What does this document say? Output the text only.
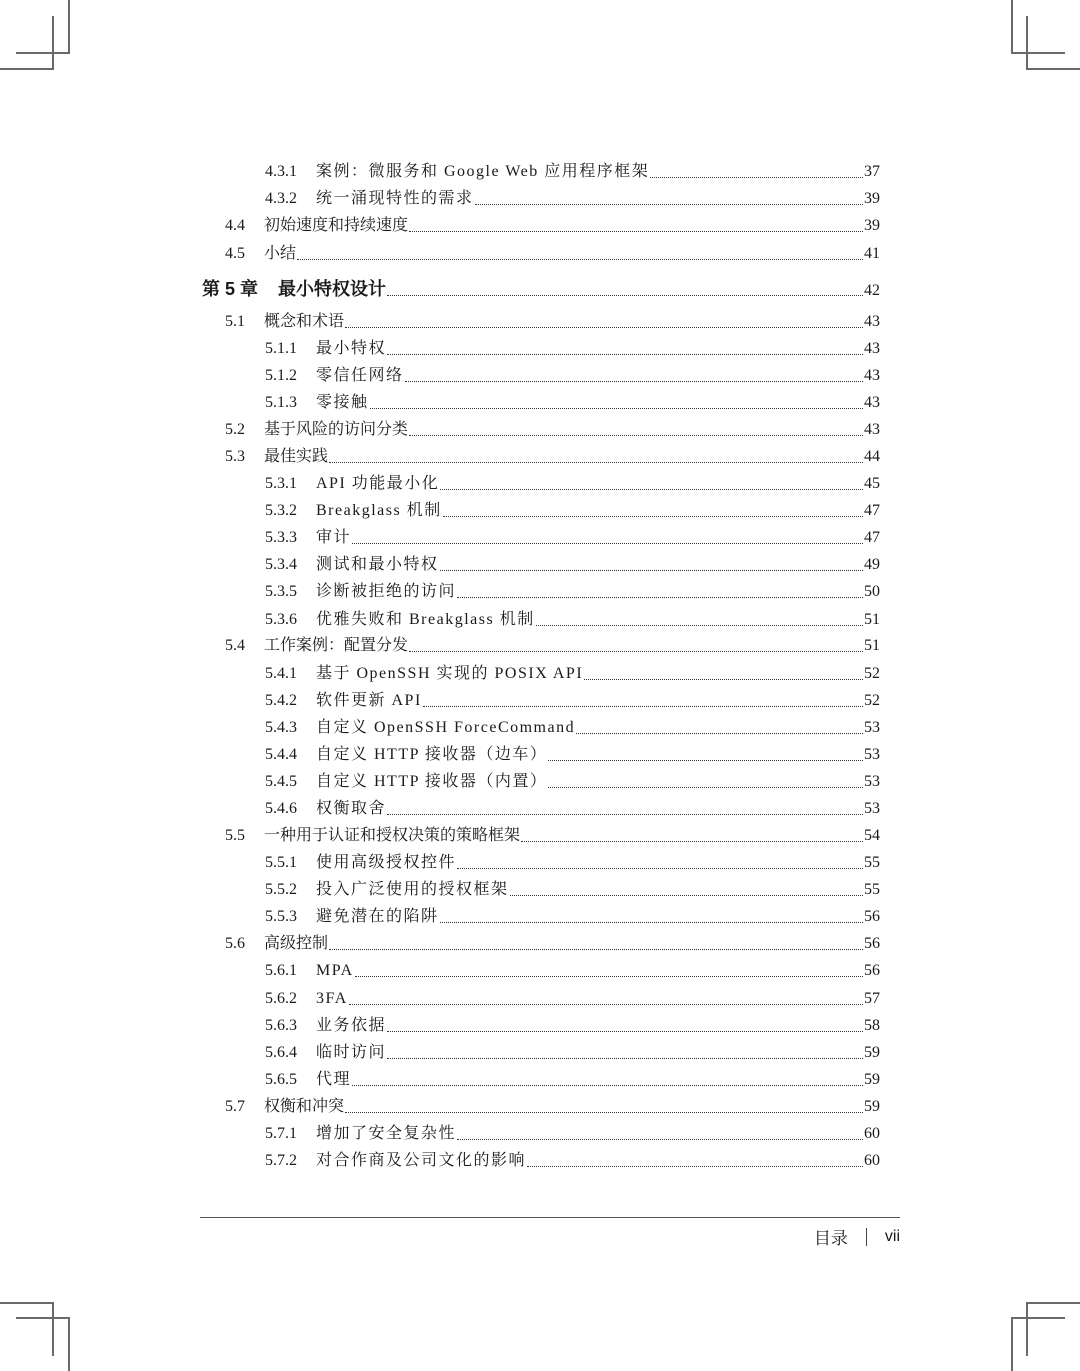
4.3.1 案例：微服务和 Google Web 应用程序框架	37
4.3.2 统一涌现特性的需求	39
4.4 初始速度和持续速度	39
4.5 小结	41
第 5 章 最小特权设计	42
5.1 概念和术语	43
5.1.1 最小特权	43
5.1.2 零信任网络	43
5.1.3 零接触	43
5.2 基于风险的访问分类	43
5.3 最佳实践	44
5.3.1 API 功能最小化	45
5.3.2 Breakglass 机制	47
5.3.3 审计	47
5.3.4 测试和最小特权	49
5.3.5 诊断被拒绝的访问	50
5.3.6 优雅失败和 Breakglass 机制	51
5.4 工作案例：配置分发	51
5.4.1 基于 OpenSSH 实现的 POSIX API	52
5.4.2 软件更新 API	52
5.4.3 自定义 OpenSSH ForceCommand	53
5.4.4 自定义 HTTP 接收器（边车）	53
5.4.5 自定义 HTTP 接收器（内置）	53
5.4.6 权衡取舍	53
5.5 一种用于认证和授权决策的策略框架	54
5.5.1 使用高级授权控件	55
5.5.2 投入广泛使用的授权框架	55
5.5.3 避免潜在的陷阱	56
5.6 高级控制	56
5.6.1 MPA	56
5.6.2 3FA	57
5.6.3 业务依据	58
5.6.4 临时访问	59
5.6.5 代理	59
5.7 权衡和冲突	59
5.7.1 增加了安全复杂性	60
5.7.2 对合作商及公司文化的影响	60
目录 vii
